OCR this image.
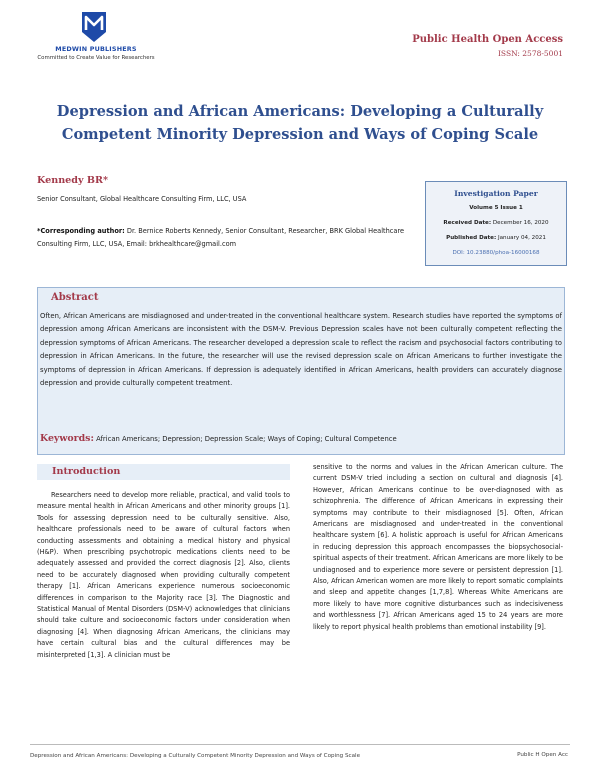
MEDWIN PUBLISHERS
Committed to Create Value for Researchers
Public Health Open Access
ISSN: 2578-5001
Depression and African Americans: Developing a Culturally Competent Minority Depression and Ways of Coping Scale
Kennedy BR*
Senior Consultant, Global Healthcare Consulting Firm, LLC, USA
*Corresponding author: Dr. Bernice Roberts Kennedy, Senior Consultant, Researcher, BRK Global Healthcare Consulting Firm, LLC, USA, Email: brkhealthcare@gmail.com
Investigation Paper
Volume 5 Issue 1
Received Date: December 16, 2020
Published Date: January 04, 2021
DOI: 10.23880/phoa-16000168
Abstract
Often, African Americans are misdiagnosed and under-treated in the conventional healthcare system. Research studies have reported the symptoms of depression among African Americans are inconsistent with the DSM-V. Previous Depression scales have not been culturally competent reflecting the depression symptoms of African Americans. The researcher developed a depression scale to reflect the racism and psychosocial factors contributing to depression in African Americans. In the future, the researcher will use the revised depression scale on African Americans to further investigate the symptoms of depression in African Americans. If depression is adequately identified in African Americans, health providers can accurately diagnose depression and provide culturally competent treatment.
Keywords: African Americans; Depression; Depression Scale; Ways of Coping; Cultural Competence
Introduction
Researchers need to develop more reliable, practical, and valid tools to measure mental health in African Americans and other minority groups [1]. Tools for assessing depression need to be culturally sensitive. Also, healthcare professionals need to be aware of cultural factors when conducting assessments and obtaining a medical history and physical (H&P). When prescribing psychotropic medications clients need to be adequately assessed and provided the correct diagnosis [2]. Also, clients need to be accurately diagnosed when providing culturally competent therapy [1]. African Americans experience numerous socioeconomic differences in comparison to the Majority race [3]. The Diagnostic and Statistical Manual of Mental Disorders (DSM-V) acknowledges that clinicians should take culture and socioeconomic factors under consideration when diagnosing [4]. When diagnosing African Americans, the clinicians may have certain cultural bias and the cultural differences may be misinterpreted [1,3]. A clinician must be
sensitive to the norms and values in the African American culture. The current DSM-V tried including a section on cultural and diagnosis [4]. However, African Americans continue to be over-diagnosed with as schizophrenia. The difference of African Americans in expressing their symptoms may contribute to their misdiagnosed [5]. Often, African Americans are misdiagnosed and under-treated in the conventional healthcare system [6]. A holistic approach is useful for African Americans in reducing depression this approach encompasses the biopsychosocial-spiritual aspects of their treatment. African Americans are more likely to be undiagnosed and to experience more severe or persistent depression [1]. Also, African American women are more likely to report somatic complaints and sleep and appetite changes [1,7,8]. Whereas White Americans are more likely to have more cognitive disturbances such as indecisiveness and worthlessness [7]. African Americans aged 15 to 24 years are more likely to report physical health problems than emotional instability [9].
Depression and African Americans: Developing a Culturally Competent Minority Depression and Ways of Coping Scale	Public H Open Acc
